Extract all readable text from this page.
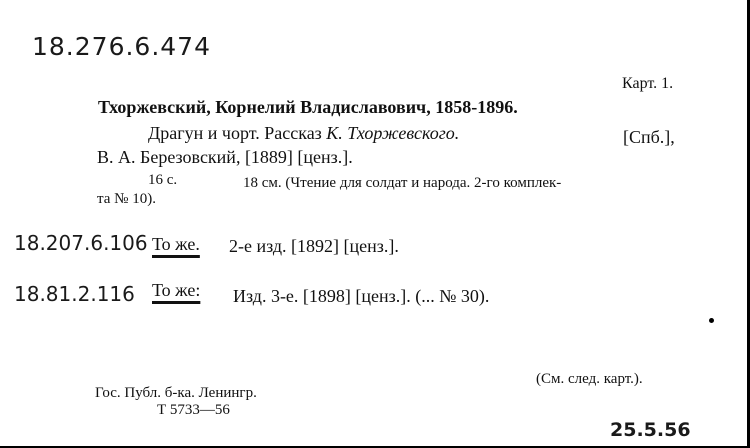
18.276.6.474
Карт. 1.
Тхоржевский, Корнелий Владиславович, 1858-1896.
Драгун и чорт. Рассказ К. Тхоржевского.	[Спб.],
В. А. Березовский, [1889] [ценз.].
16 с.	18 см. (Чтение для солдат и народа. 2-го комплек-
та № 10).
18.207.6.106 То же. 2-е изд. [1892] [ценз.].
18.81.2.116 То же: Изд. 3-е. [1898] [ценз.]. (... № 30).
(См. след. карт.).
Гос. Публ. б-ка. Ленингр.
Т 5733—56
25.5.56
